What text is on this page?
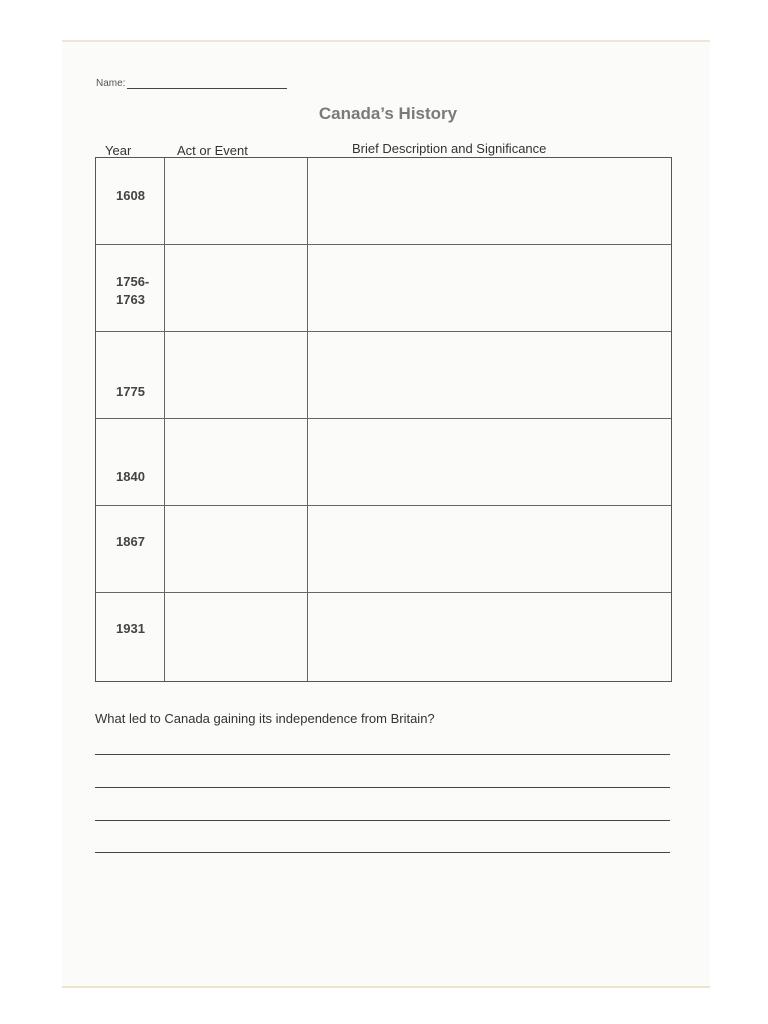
Name:
Canada’s History
Year	Act or Event	Brief Description and Significance
1608
1756-
1763
1775
1840
1867
1931
What led to Canada gaining its independence from Britain?
